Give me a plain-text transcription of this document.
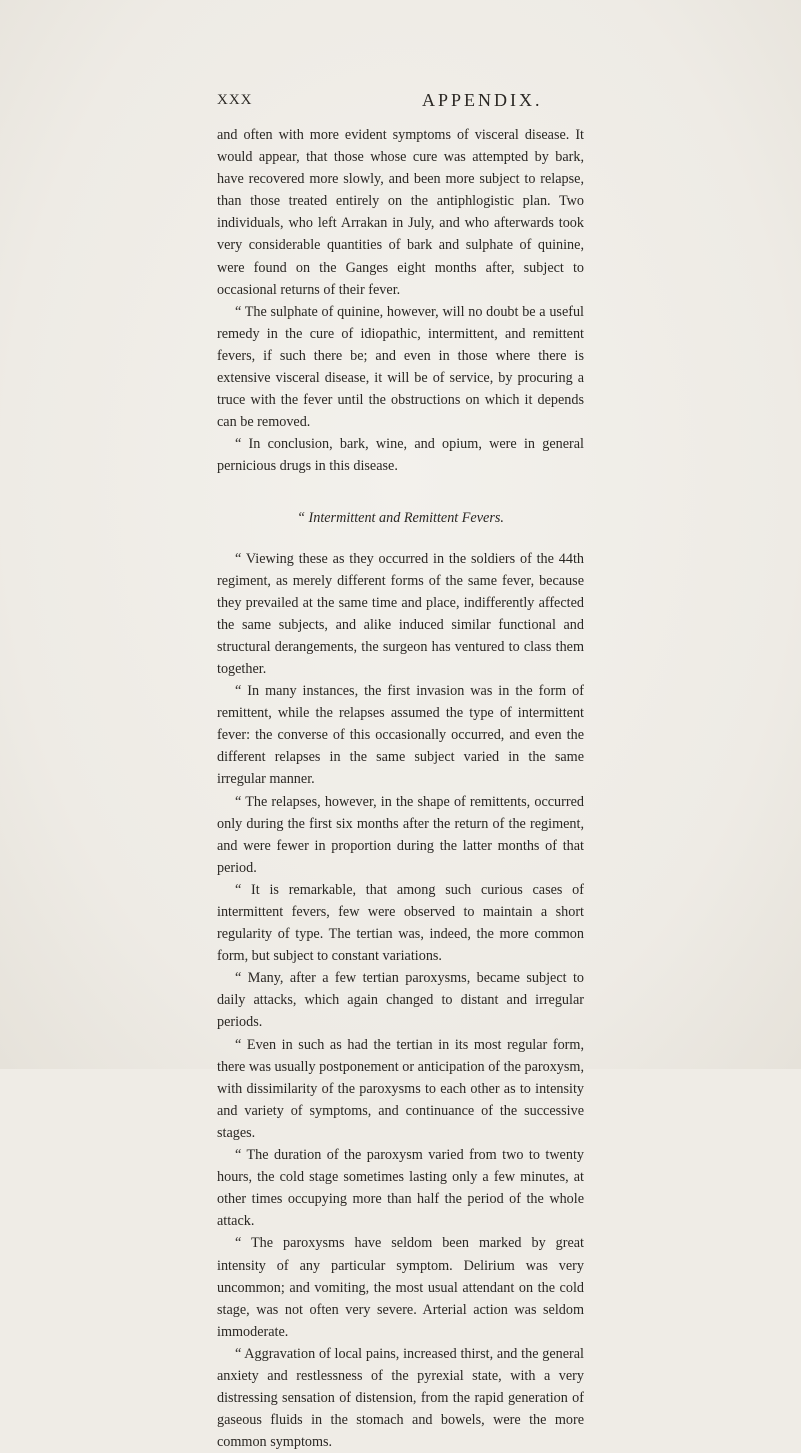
XXX	APPENDIX.

and often with more evident symptoms of visceral disease. It would appear, that those whose cure was attempted by bark, have recovered more slowly, and been more subject to relapse, than those treated entirely on the antiphlogistic plan. Two individuals, who left Arrakan in July, and who afterwards took very considerable quantities of bark and sulphate of quinine, were found on the Ganges eight months after, subject to occasional returns of their fever.

“ The sulphate of quinine, however, will no doubt be a useful remedy in the cure of idiopathic, intermittent, and remittent fevers, if such there be; and even in those where there is extensive visceral disease, it will be of service, by procuring a truce with the fever until the obstructions on which it depends can be removed.

“ In conclusion, bark, wine, and opium, were in general pernicious drugs in this disease.

“ Intermittent and Remittent Fevers.

“ Viewing these as they occurred in the soldiers of the 44th regiment, as merely different forms of the same fever, because they prevailed at the same time and place, indifferently affected the same subjects, and alike induced similar functional and structural derangements, the surgeon has ventured to class them together.

“ In many instances, the first invasion was in the form of remittent, while the relapses assumed the type of intermittent fever: the converse of this occasionally occurred, and even the different relapses in the same subject varied in the same irregular manner.

“ The relapses, however, in the shape of remittents, occurred only during the first six months after the return of the regiment, and were fewer in proportion during the latter months of that period.

“ It is remarkable, that among such curious cases of intermittent fevers, few were observed to maintain a short regularity of type. The tertian was, indeed, the more common form, but subject to constant variations.

“ Many, after a few tertian paroxysms, became subject to daily attacks, which again changed to distant and irregular periods.

“ Even in such as had the tertian in its most regular form, there was usually postponement or anticipation of the paroxysm, with dissimilarity of the paroxysms to each other as to intensity and variety of symptoms, and continuance of the successive stages.

“ The duration of the paroxysm varied from two to twenty hours, the cold stage sometimes lasting only a few minutes, at other times occupying more than half the period of the whole attack.

“ The paroxysms have seldom been marked by great intensity of any particular symptom. Delirium was very uncommon; and vomiting, the most usual attendant on the cold stage, was not often very severe. Arterial action was seldom immoderate.

“ Aggravation of local pains, increased thirst, and the general anxiety and restlessness of the pyrexial state, with a very distressing sensation of distension, from the rapid generation of gaseous fluids in the stomach and bowels, were the more common symptoms.
